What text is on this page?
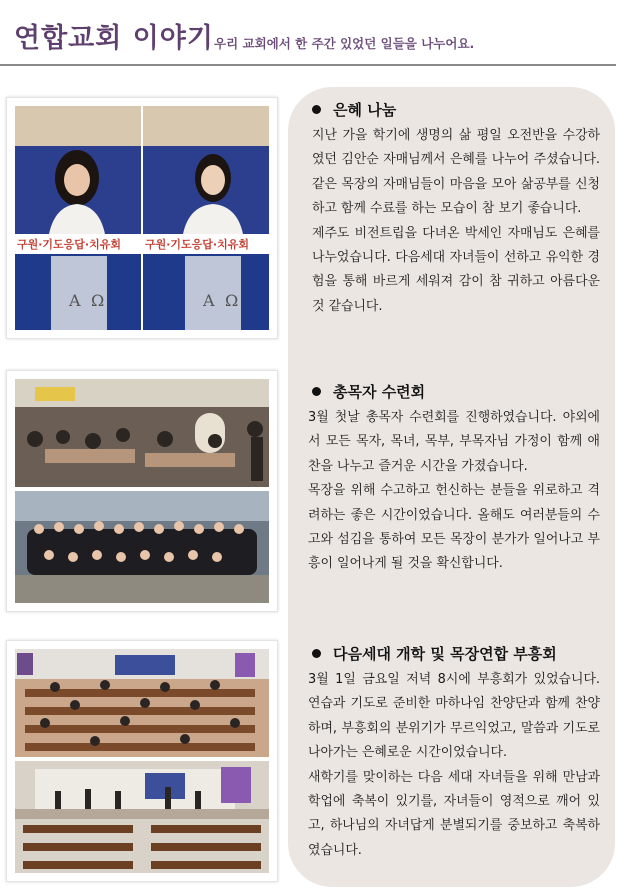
연합교회 이야기 우리 교회에서 한 주간 있었던 일들을 나누어요.
A Ω	A Ω
구원·기도응답·치유회 구원·기도응답·치유회
은혜 나눔

지난 가을 학기에 생명의 삶 평일 오전반을 수강하였던 김안순 자매님께서 은혜를 나누어 주셨습니다. 같은 목장의 자매님들이 마음을 모아 삶공부를 신청하고 함께 수료를 하는 모습이 참 보기 좋습니다.

제주도 비전트립을 다녀온 박세인 자매님도 은혜를 나누었습니다. 다음세대 자녀들이 선하고 유익한 경험을 통해 바르게 세워져 감이 참 귀하고 아름다운 것 같습니다.

총목자 수련회

3월 첫날 총목자 수련회를 진행하였습니다. 야외에서 모든 목자, 목녀, 목부, 부목자님 가정이 함께 애찬을 나누고 즐거운 시간을 가졌습니다.

목장을 위해 수고하고 헌신하는 분들을 위로하고 격려하는 좋은 시간이었습니다. 올해도 여러분들의 수고와 섬김을 통하여 모든 목장이 분가가 일어나고 부흥이 일어나게 될 것을 확신합니다.

다음세대 개학 및 목장연합 부흥회

3월 1일 금요일 저녁 8시에 부흥회가 있었습니다. 연습과 기도로 준비한 마하나임 찬양단과 함께 찬양하며, 부흥회의 분위기가 무르익었고, 말씀과 기도로 나아가는 은혜로운 시간이었습니다.

새학기를 맞이하는 다음 세대 자녀들을 위해 만남과 학업에 축복이 있기를, 자녀들이 영적으로 깨어 있고, 하나님의 자녀답게 분별되기를 중보하고 축복하였습니다.
